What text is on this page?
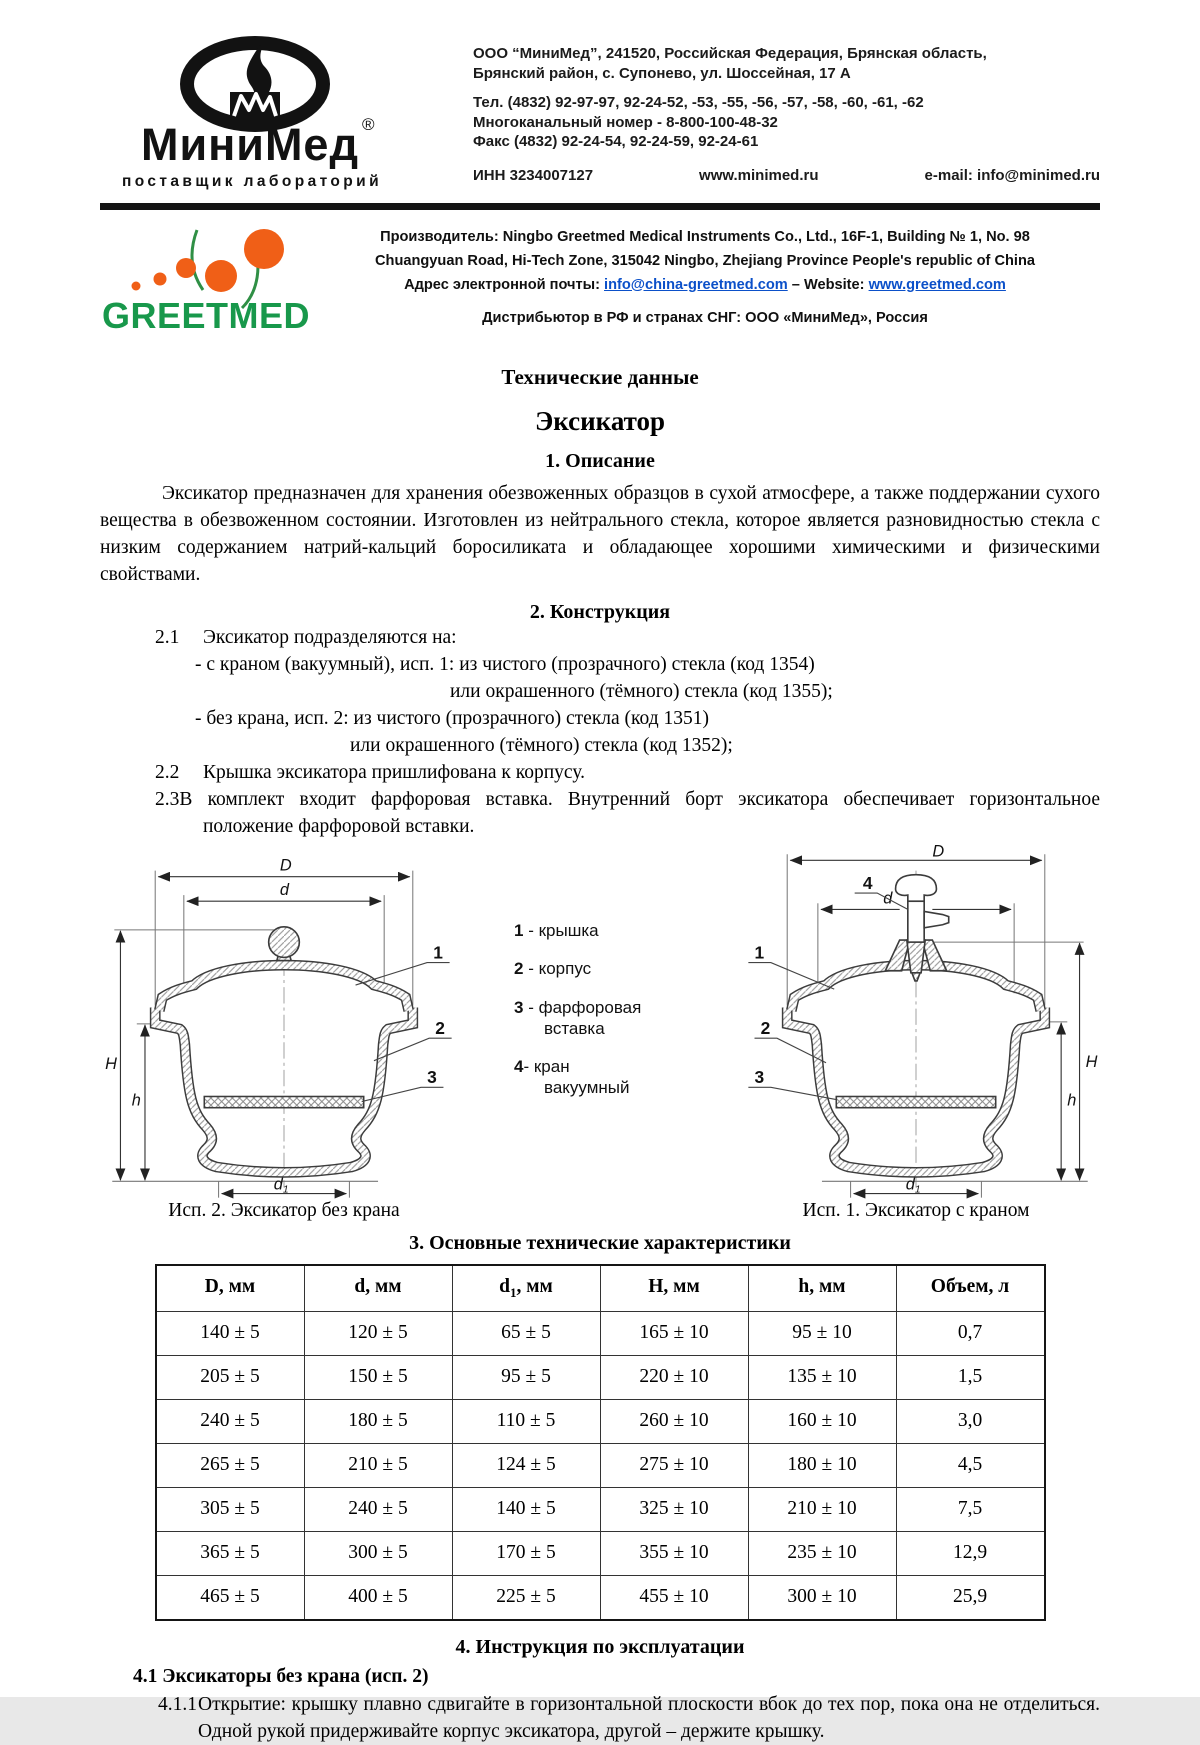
МиниМед ®
поставщик лабораторий
ООО “МиниМед”, 241520, Российская Федерация, Брянская область,
Брянский район, с. Супонево, ул. Шоссейная, 17 А
Тел. (4832) 92-97-97, 92-24-52, -53, -55, -56, -57, -58, -60, -61, -62
Многоканальный номер - 8-800-100-48-32
Факс (4832) 92-24-54, 92-24-59, 92-24-61
ИНН 3234007127	www.minimed.ru	e-mail: info@minimed.ru
GREETMED
Производитель: Ningbo Greetmed Medical Instruments Co., Ltd., 16F-1, Building № 1, No. 98
Chuangyuan Road, Hi-Tech Zone, 315042 Ningbo, Zhejiang Province People's republic of China
Адрес электронной почты: info@china-greetmed.com – Website: www.greetmed.com
Дистрибьютор в РФ и странах СНГ: ООО «МиниМед», Россия
Технические данные
Эксикатор
1. Описание
Эксикатор предназначен для хранения обезвоженных образцов в сухой атмосфере, а также поддержании сухого вещества в обезвоженном состоянии. Изготовлен из нейтрального стекла, которое является разновидностью стекла с низким содержанием натрий-кальций боросиликата и обладающее хорошими химическими и физическими свойствами.
2. Конструкция
2.1 Эксикатор подразделяются на:
- с краном (вакуумный), исп. 1: из чистого (прозрачного) стекла (код 1354)
или окрашенного (тёмного) стекла (код 1355);
- без крана, исп. 2: из чистого (прозрачного) стекла (код 1351)
или окрашенного (тёмного) стекла (код 1352);
2.2 Крышка эксикатора пришлифована к корпусу.
2.3В комплект входит фарфоровая вставка. Внутренний борт эксикатора обеспечивает горизонтальное положение фарфоровой вставки.
D
d
H
h
d1
1
2
3
1 - крышка
2 - корпус
3 - фарфоровая
вставка
4- кран
вакуумный
D
d
H
h
d1
4
1
2
3
Исп. 2. Эксикатор без крана	Исп. 1. Эксикатор с краном
3. Основные технические характеристики
D, мм	d, мм	$d_1$, мм	H, мм	h, мм	Объем, л
140 ± 5	120 ± 5	65 ± 5	165 ± 10	95 ± 10	0,7
205 ± 5	150 ± 5	95 ± 5	220 ± 10	135 ± 10	1,5
240 ± 5	180 ± 5	110 ± 5	260 ± 10	160 ± 10	3,0
265 ± 5	210 ± 5	124 ± 5	275 ± 10	180 ± 10	4,5
305 ± 5	240 ± 5	140 ± 5	325 ± 10	210 ± 10	7,5
365 ± 5	300 ± 5	170 ± 5	355 ± 10	235 ± 10	12,9
465 ± 5	400 ± 5	225 ± 5	455 ± 10	300 ± 10	25,9
4. Инструкция по эксплуатации
4.1 Эксикаторы без крана (исп. 2)
4.1.1 Открытие: крышку плавно сдвигайте в горизонтальной плоскости вбок до тех пор, пока она не отделиться. Одной рукой придерживайте корпус эксикатора, другой – держите крышку.
